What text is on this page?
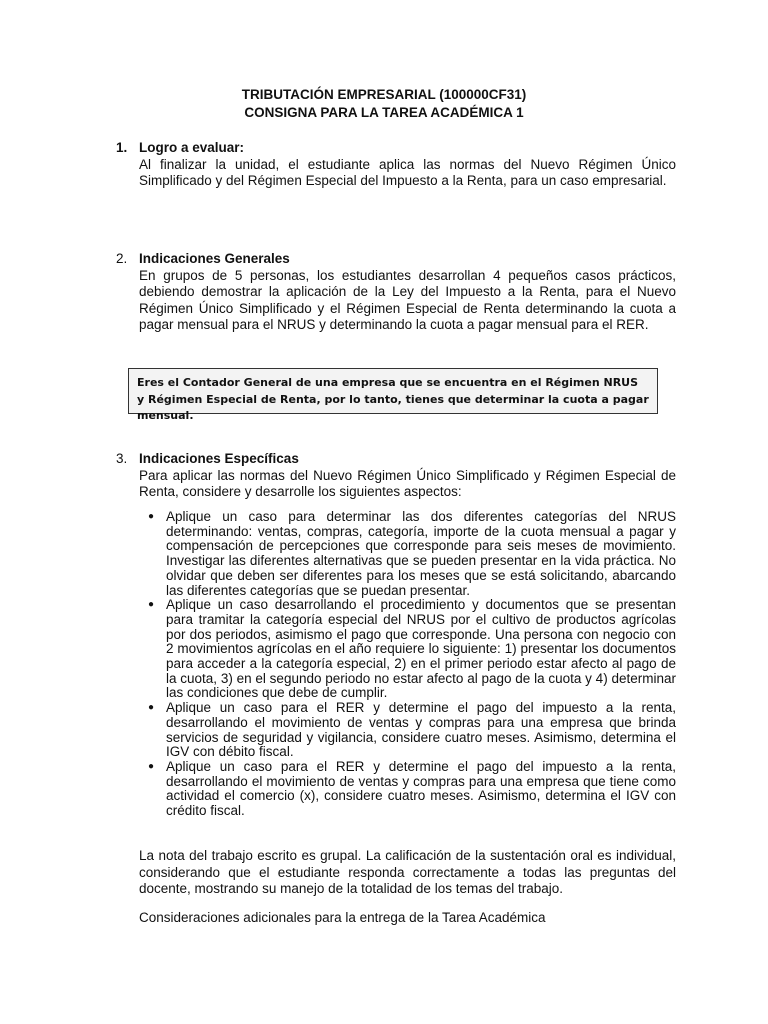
TRIBUTACIÓN EMPRESARIAL (100000CF31)
CONSIGNA PARA LA TAREA ACADÉMICA 1
1. Logro a evaluar:
Al finalizar la unidad, el estudiante aplica las normas del Nuevo Régimen Único Simplificado y del Régimen Especial del Impuesto a la Renta, para un caso empresarial.
2. Indicaciones Generales
En grupos de 5 personas, los estudiantes desarrollan 4 pequeños casos prácticos, debiendo demostrar la aplicación de la Ley del Impuesto a la Renta, para el Nuevo Régimen Único Simplificado y el Régimen Especial de Renta determinando la cuota a pagar mensual para el NRUS y determinando la cuota a pagar mensual para el RER.
Eres el Contador General de una empresa que se encuentra en el Régimen NRUS y Régimen Especial de Renta, por lo tanto, tienes que determinar la cuota a pagar mensual.
3. Indicaciones Específicas
Para aplicar las normas del Nuevo Régimen Único Simplificado y Régimen Especial de Renta, considere y desarrolle los siguientes aspectos:
● Aplique un caso para determinar las dos diferentes categorías del NRUS determinando: ventas, compras, categoría, importe de la cuota mensual a pagar y compensación de percepciones que corresponde para seis meses de movimiento. Investigar las diferentes alternativas que se pueden presentar en la vida práctica. No olvidar que deben ser diferentes para los meses que se está solicitando, abarcando las diferentes categorías que se puedan presentar.
● Aplique un caso desarrollando el procedimiento y documentos que se presentan para tramitar la categoría especial del NRUS por el cultivo de productos agrícolas por dos periodos, asimismo el pago que corresponde. Una persona con negocio con 2 movimientos agrícolas en el año requiere lo siguiente: 1) presentar los documentos para acceder a la categoría especial, 2) en el primer periodo estar afecto al pago de la cuota, 3) en el segundo periodo no estar afecto al pago de la cuota y 4) determinar las condiciones que debe de cumplir.
● Aplique un caso para el RER y determine el pago del impuesto a la renta, desarrollando el movimiento de ventas y compras para una empresa que brinda servicios de seguridad y vigilancia, considere cuatro meses. Asimismo, determina el IGV con débito fiscal.
● Aplique un caso para el RER y determine el pago del impuesto a la renta, desarrollando el movimiento de ventas y compras para una empresa que tiene como actividad el comercio (x), considere cuatro meses. Asimismo, determina el IGV con crédito fiscal.
La nota del trabajo escrito es grupal. La calificación de la sustentación oral es individual, considerando que el estudiante responda correctamente a todas las preguntas del docente, mostrando su manejo de la totalidad de los temas del trabajo.
Consideraciones adicionales para la entrega de la Tarea Académica
